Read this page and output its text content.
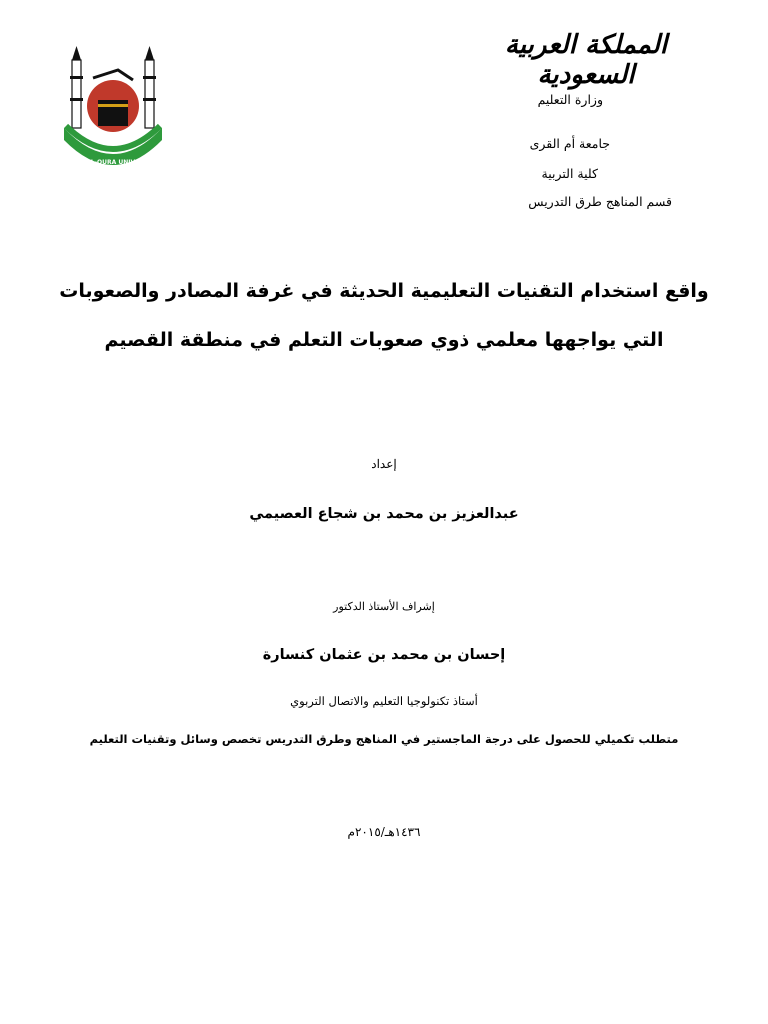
UMM AL-QURA UNIVERSITY
المملكة العربية السعودية
وزارة التعليم
جامعة أم القرى
كلية التربية
قسم المناهج طرق التدريس
واقع استخدام التقنيات التعليمية الحديثة في غرفة المصادر والصعوبات
التي يواجهها معلمي ذوي صعوبات التعلم في منطقة القصيم
إعداد
عبدالعزيز بن محمد بن شجاع العصيمي
إشراف الأستاذ الدكتور
إحسان بن محمد بن عثمان كنسارة
أستاذ تكنولوجيا التعليم والاتصال التربوي
متطلب تكميلي للحصول على درجة الماجستير في المناهج وطرق التدريس تخصص وسائل وتقنيات التعليم
١٤٣٦هـ/٢٠١٥م
